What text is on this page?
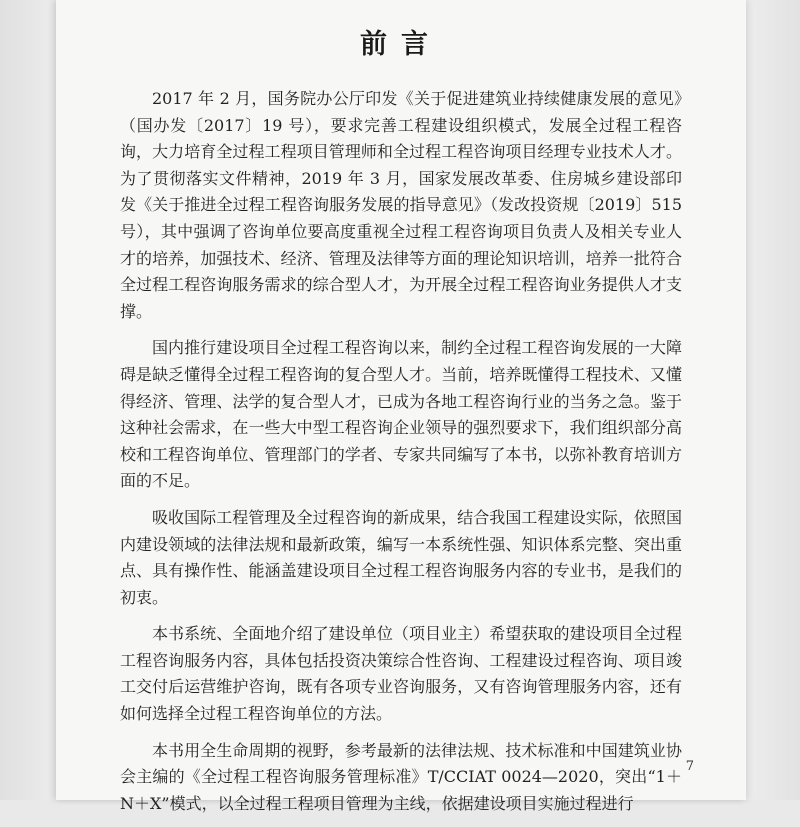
前言

2017 年 2 月，国务院办公厅印发《关于促进建筑业持续健康发展的意见》（国办发〔2017〕19 号），要求完善工程建设组织模式，发展全过程工程咨询，大力培育全过程工程项目管理师和全过程工程咨询项目经理专业技术人才。为了贯彻落实文件精神，2019 年 3 月，国家发展改革委、住房城乡建设部印发《关于推进全过程工程咨询服务发展的指导意见》（发改投资规〔2019〕515 号），其中强调了咨询单位要高度重视全过程工程咨询项目负责人及相关专业人才的培养，加强技术、经济、管理及法律等方面的理论知识培训，培养一批符合全过程工程咨询服务需求的综合型人才，为开展全过程工程咨询业务提供人才支撑。

国内推行建设项目全过程工程咨询以来，制约全过程工程咨询发展的一大障碍是缺乏懂得全过程工程咨询的复合型人才。当前，培养既懂得工程技术、又懂得经济、管理、法学的复合型人才，已成为各地工程咨询行业的当务之急。鉴于这种社会需求，在一些大中型工程咨询企业领导的强烈要求下，我们组织部分高校和工程咨询单位、管理部门的学者、专家共同编写了本书，以弥补教育培训方面的不足。

吸收国际工程管理及全过程咨询的新成果，结合我国工程建设实际，依照国内建设领域的法律法规和最新政策，编写一本系统性强、知识体系完整、突出重点、具有操作性、能涵盖建设项目全过程工程咨询服务内容的专业书，是我们的初衷。

本书系统、全面地介绍了建设单位（项目业主）希望获取的建设项目全过程工程咨询服务内容，具体包括投资决策综合性咨询、工程建设过程咨询、项目竣工交付后运营维护咨询，既有各项专业咨询服务，又有咨询管理服务内容，还有如何选择全过程工程咨询单位的方法。

本书用全生命周期的视野，参考最新的法律法规、技术标准和中国建筑业协会主编的《全过程工程咨询服务管理标准》T/CCIAT 0024—2020，突出“1＋N＋X”模式，以全过程工程项目管理为主线，依据建设项目实施过程进行

7
